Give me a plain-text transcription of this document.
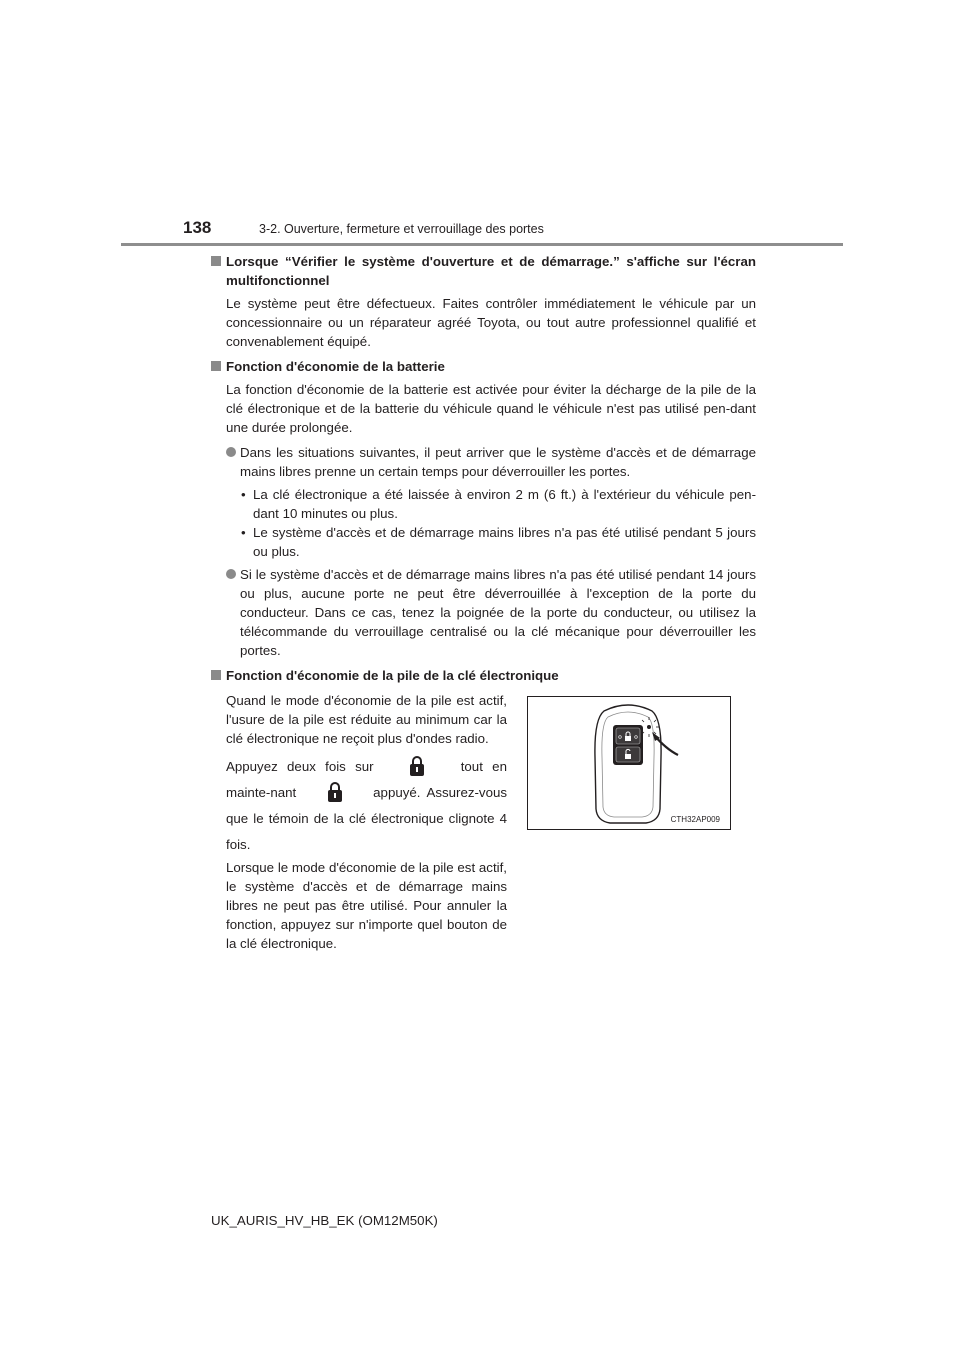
138	3-2. Ouverture, fermeture et verrouillage des portes
Lorsque “Vérifier le système d'ouverture et de démarrage.” s'affiche sur l'écran multifonctionnel

Le système peut être défectueux. Faites contrôler immédiatement le véhicule par un concessionnaire ou un réparateur agréé Toyota, ou tout autre professionnel qualifié et convenablement équipé.

Fonction d'économie de la batterie

La fonction d'économie de la batterie est activée pour éviter la décharge de la pile de la clé électronique et de la batterie du véhicule quand le véhicule n'est pas utilisé pen-dant une durée prolongée.

Dans les situations suivantes, il peut arriver que le système d'accès et de démarrage mains libres prenne un certain temps pour déverrouiller les portes.
• La clé électronique a été laissée à environ 2 m (6 ft.) à l'extérieur du véhicule pen-dant 10 minutes ou plus.
• Le système d'accès et de démarrage mains libres n'a pas été utilisé pendant 5 jours ou plus.
Si le système d'accès et de démarrage mains libres n'a pas été utilisé pendant 14 jours ou plus, aucune porte ne peut être déverrouillée à l'exception de la porte du conducteur. Dans ce cas, tenez la poignée de la porte du conducteur, ou utilisez la télécommande du verrouillage centralisé ou la clé mécanique pour déverrouiller les portes.
Fonction d'économie de la pile de la clé électronique

Quand le mode d'économie de la pile est actif, l'usure de la pile est réduite au minimum car la clé électronique ne reçoit plus d'ondes radio.

Appuyez deux fois sur	tout en mainte-nant	appuyé. Assurez-vous que le témoin de la clé électronique clignote 4 fois.

Lorsque le mode d'économie de la pile est actif, le système d'accès et de démarrage mains libres ne peut pas être utilisé. Pour annuler la fonction, appuyez sur n'importe quel bouton de la clé électronique.

CTH32AP009
UK_AURIS_HV_HB_EK (OM12M50K)
